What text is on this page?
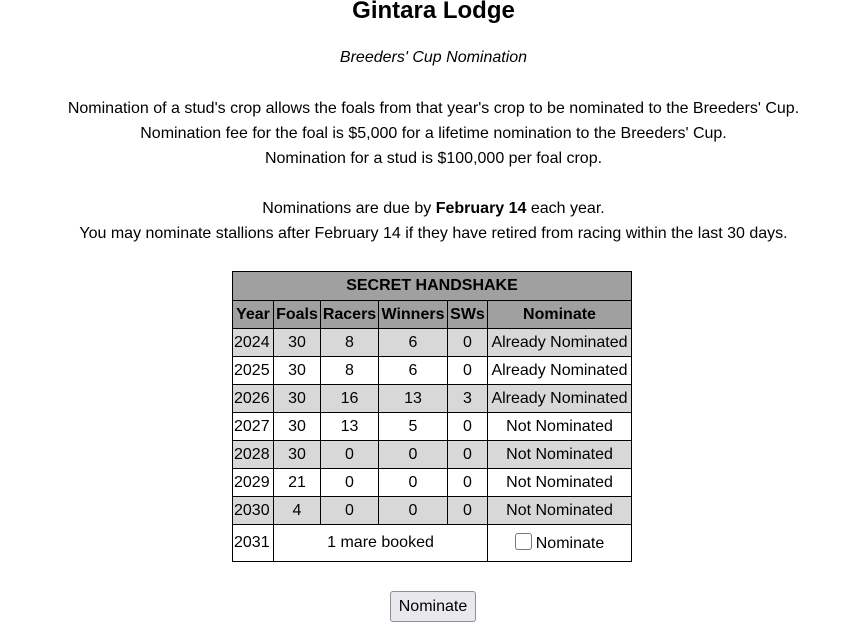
Gintara Lodge
Breeders' Cup Nomination
Nomination of a stud's crop allows the foals from that year's crop to be nominated to the Breeders' Cup.
Nomination fee for the foal is $5,000 for a lifetime nomination to the Breeders' Cup.
Nomination for a stud is $100,000 per foal crop.
Nominations are due by February 14 each year.
You may nominate stallions after February 14 if they have retired from racing within the last 30 days.
SECRET HANDSHAKE					
Year	Foals	Racers	Winners	SWs	Nominate
2024	30	8	6	0	Already Nominated
2025	30	8	6	0	Already Nominated
2026	30	16	13	3	Already Nominated
2027	30	13	5	0	Not Nominated
2028	30	0	0	0	Not Nominated
2029	21	0	0	0	Not Nominated
2030	4	0	0	0	Not Nominated
2031	1 mare booked				Nominate
Nominate
